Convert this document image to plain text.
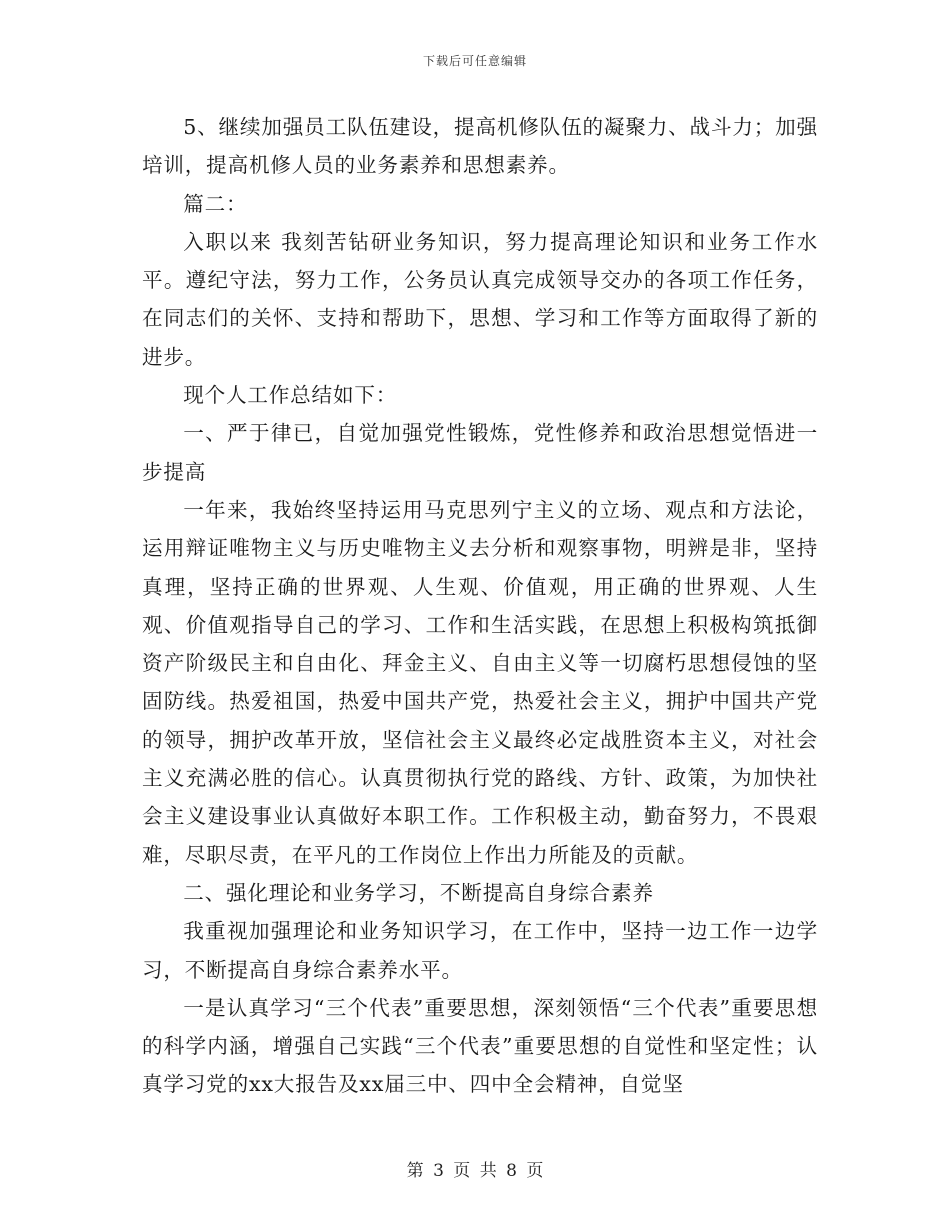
下载后可任意编辑

5、继续加强员工队伍建设，提高机修队伍的凝聚力、战斗力；加强培训，提高机修人员的业务素养和思想素养。

篇二：

入职以来 我刻苦钻研业务知识，努力提高理论知识和业务工作水平。遵纪守法，努力工作，公务员认真完成领导交办的各项工作任务，在同志们的关怀、支持和帮助下，思想、学习和工作等方面取得了新的进步。

现个人工作总结如下：

一、严于律已，自觉加强党性锻炼，党性修养和政治思想觉悟进一步提高

一年来，我始终坚持运用马克思列宁主义的立场、观点和方法论，运用辩证唯物主义与历史唯物主义去分析和观察事物，明辨是非，坚持真理，坚持正确的世界观、人生观、价值观，用正确的世界观、人生观、价值观指导自己的学习、工作和生活实践，在思想上积极构筑抵御资产阶级民主和自由化、拜金主义、自由主义等一切腐朽思想侵蚀的坚固防线。热爱祖国，热爱中国共产党，热爱社会主义，拥护中国共产党的领导，拥护改革开放，坚信社会主义最终必定战胜资本主义，对社会主义充满必胜的信心。认真贯彻执行党的路线、方针、政策，为加快社会主义建设事业认真做好本职工作。工作积极主动，勤奋努力，不畏艰难，尽职尽责，在平凡的工作岗位上作出力所能及的贡献。

二、强化理论和业务学习，不断提高自身综合素养

我重视加强理论和业务知识学习，在工作中，坚持一边工作一边学习，不断提高自身综合素养水平。

一是认真学习“三个代表”重要思想，深刻领悟“三个代表”重要思想的科学内涵，增强自己实践“三个代表”重要思想的自觉性和坚定性；认真学习党的xx大报告及xx届三中、四中全会精神，自觉坚

第 3 页 共 8 页
